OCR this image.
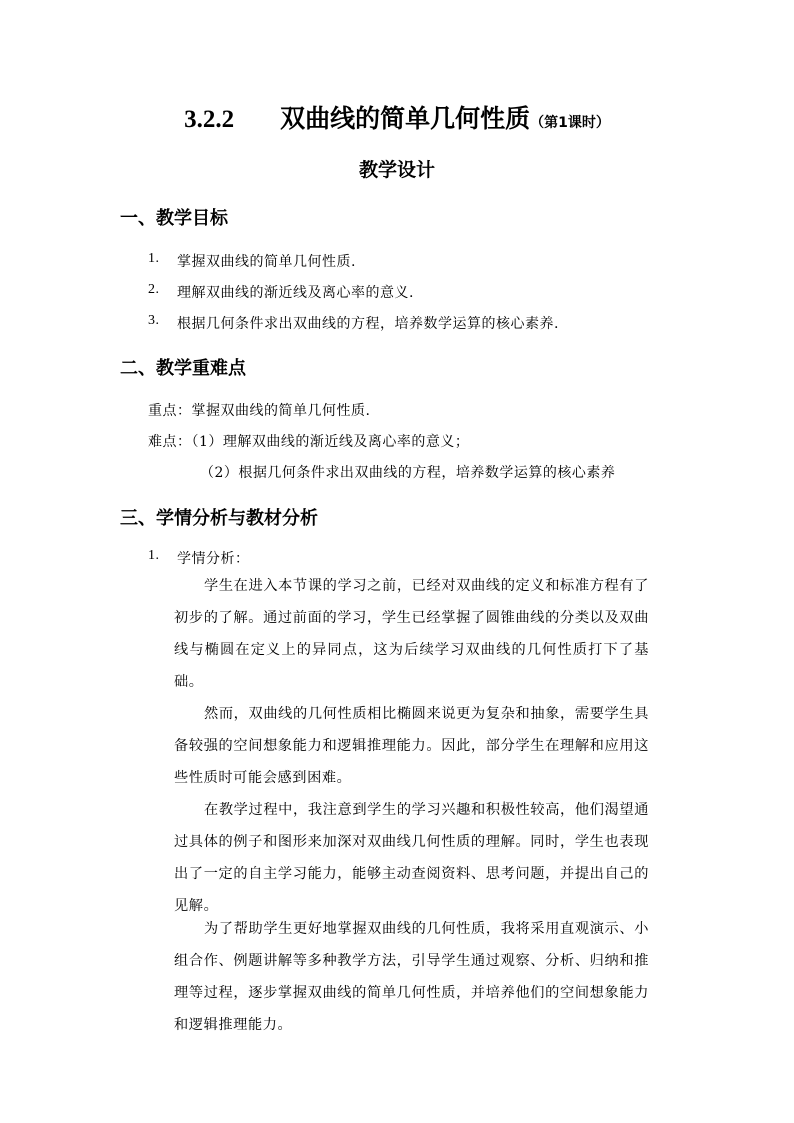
3.2.2 双曲线的简单几何性质（第1课时）
教学设计
一、教学目标
1. 掌握双曲线的简单几何性质.
2. 理解双曲线的渐近线及离心率的意义.
3. 根据几何条件求出双曲线的方程，培养数学运算的核心素养.
二、教学重难点
重点：掌握双曲线的简单几何性质.
难点：（1）理解双曲线的渐近线及离心率的意义；
（2）根据几何条件求出双曲线的方程，培养数学运算的核心素养
三、学情分析与教材分析
1. 学情分析：

学生在进入本节课的学习之前，已经对双曲线的定义和标准方程有了初步的了解。通过前面的学习，学生已经掌握了圆锥曲线的分类以及双曲线与椭圆在定义上的异同点，这为后续学习双曲线的几何性质打下了基础。

然而，双曲线的几何性质相比椭圆来说更为复杂和抽象，需要学生具备较强的空间想象能力和逻辑推理能力。因此，部分学生在理解和应用这些性质时可能会感到困难。

在教学过程中，我注意到学生的学习兴趣和积极性较高，他们渴望通过具体的例子和图形来加深对双曲线几何性质的理解。同时，学生也表现出了一定的自主学习能力，能够主动查阅资料、思考问题，并提出自己的见解。

为了帮助学生更好地掌握双曲线的几何性质，我将采用直观演示、小组合作、例题讲解等多种教学方法，引导学生通过观察、分析、归纳和推理等过程，逐步掌握双曲线的简单几何性质，并培养他们的空间想象能力和逻辑推理能力。
